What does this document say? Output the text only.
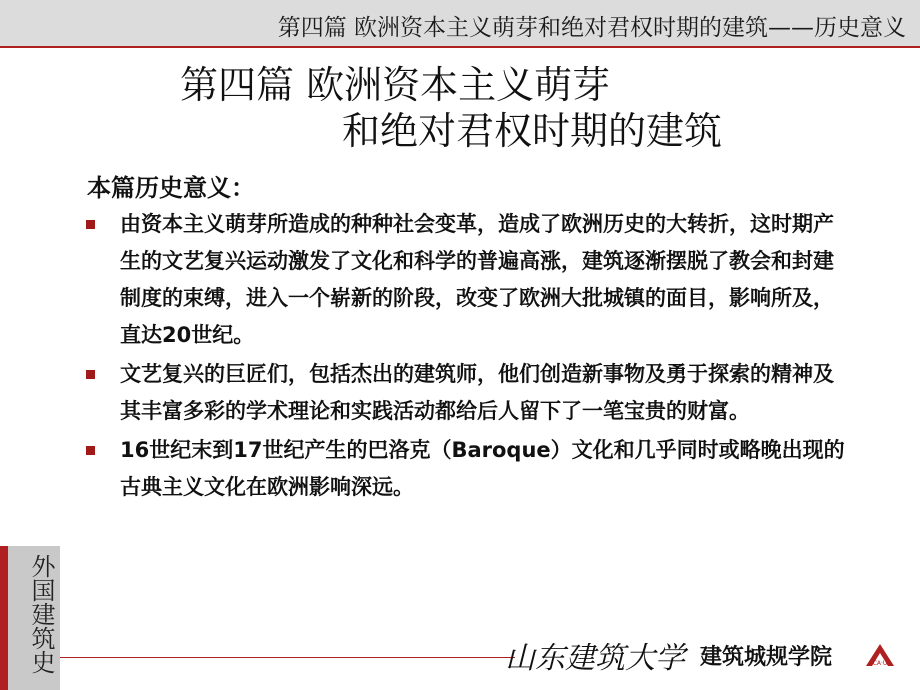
第四篇 欧洲资本主义萌芽和绝对君权时期的建筑——历史意义
第四篇 欧洲资本主义萌芽
和绝对君权时期的建筑
本篇历史意义：
由资本主义萌芽所造成的种种社会变革，造成了欧洲历史的大转折，这时期产生的文艺复兴运动激发了文化和科学的普遍高涨，建筑逐渐摆脱了教会和封建制度的束缚，进入一个崭新的阶段，改变了欧洲大批城镇的面目，影响所及，直达20世纪。
文艺复兴的巨匠们，包括杰出的建筑师，他们创造新事物及勇于探索的精神及其丰富多彩的学术理论和实践活动都给后人留下了一笔宝贵的财富。
16世纪末到17世纪产生的巴洛克（Baroque）文化和几乎同时或略晚出现的古典主义文化在欧洲影响深远。
外国建筑史	山东建筑大学 建筑城规学院	CA·U
